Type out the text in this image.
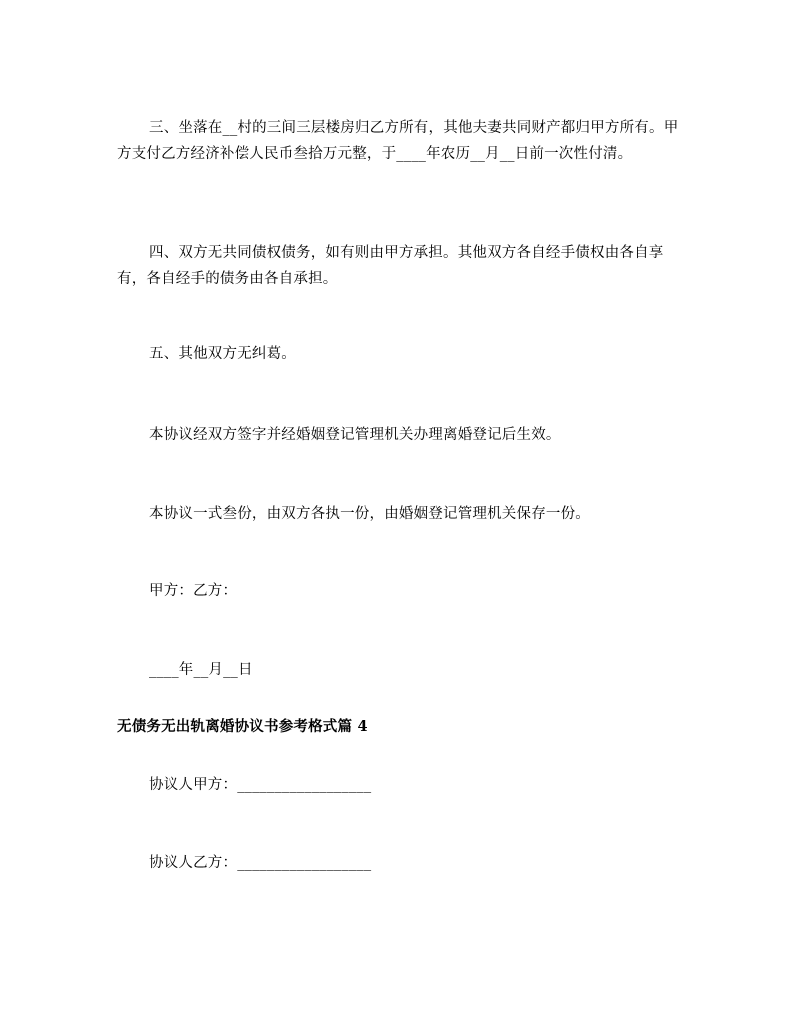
三、坐落在__村的三间三层楼房归乙方所有，其他夫妻共同财产都归甲方所有。甲方支付乙方经济补偿人民币叁拾万元整，于____年农历__月__日前一次性付清。

四、双方无共同债权债务，如有则由甲方承担。其他双方各自经手债权由各自享有，各自经手的债务由各自承担。

五、其他双方无纠葛。

本协议经双方签字并经婚姻登记管理机关办理离婚登记后生效。

本协议一式叁份，由双方各执一份，由婚姻登记管理机关保存一份。

甲方：乙方：

____年__月__日

无债务无出轨离婚协议书参考格式篇 4

协议人甲方：__________________

协议人乙方：__________________
